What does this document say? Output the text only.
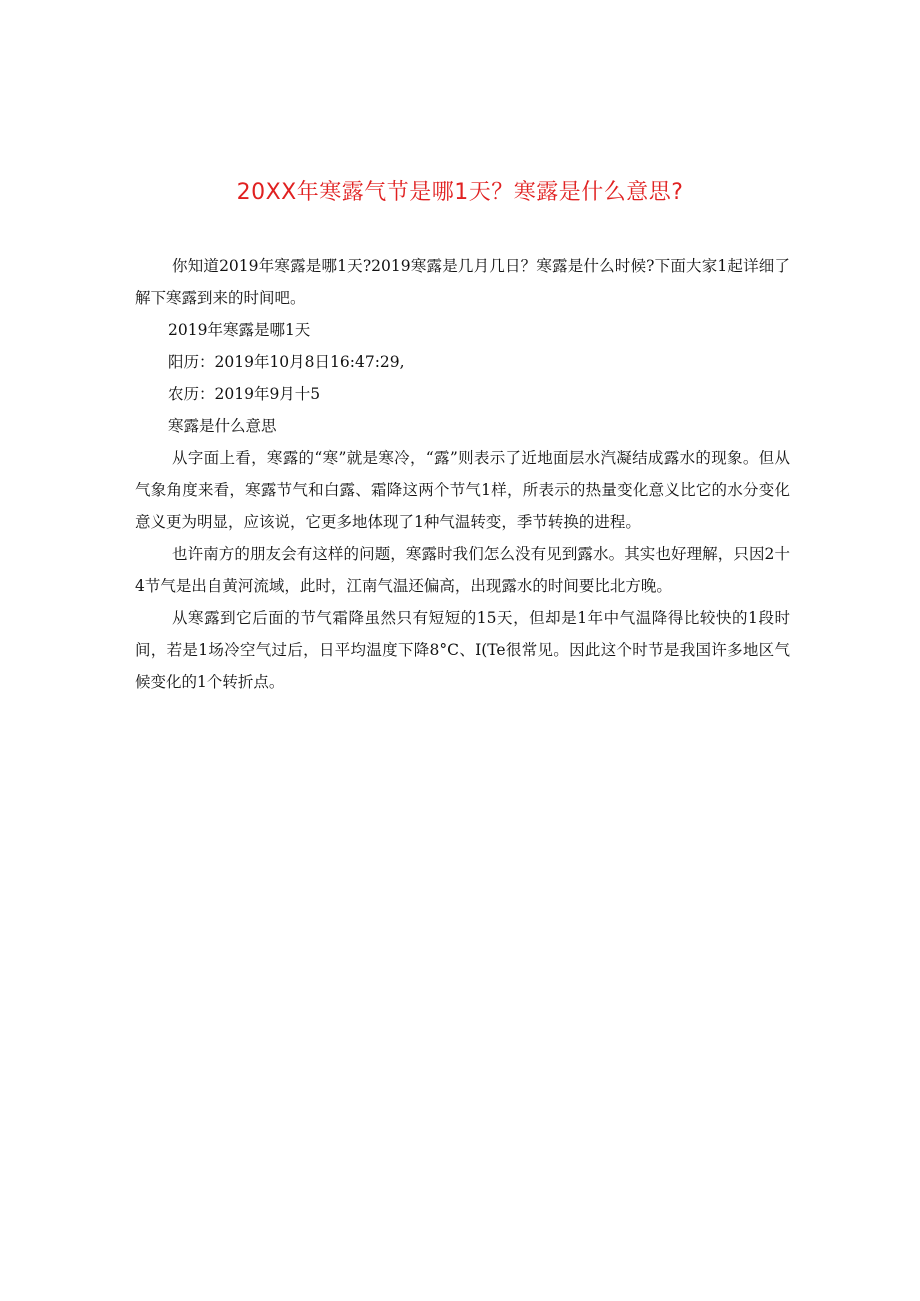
20XX年寒露气节是哪1天？寒露是什么意思?

你知道2019年寒露是哪1天?2019寒露是几月几日？寒露是什么时候?下面大家1起详细了解下寒露到来的时间吧。

2019年寒露是哪1天

阳历：2019年10月8日16:47:29,

农历：2019年9月十5

寒露是什么意思

从字面上看，寒露的“寒”就是寒冷，“露”则表示了近地面层水汽凝结成露水的现象。但从气象角度来看，寒露节气和白露、霜降这两个节气1样，所表示的热量变化意义比它的水分变化意义更为明显，应该说，它更多地体现了1种气温转变，季节转换的进程。

也许南方的朋友会有这样的问题，寒露时我们怎么没有见到露水。其实也好理解，只因2十4节气是出自黄河流域，此时，江南气温还偏高，出现露水的时间要比北方晚。

从寒露到它后面的节气霜降虽然只有短短的15天，但却是1年中气温降得比较快的1段时间，若是1场冷空气过后，日平均温度下降8°C、I(Te很常见。因此这个时节是我国许多地区气候变化的1个转折点。
